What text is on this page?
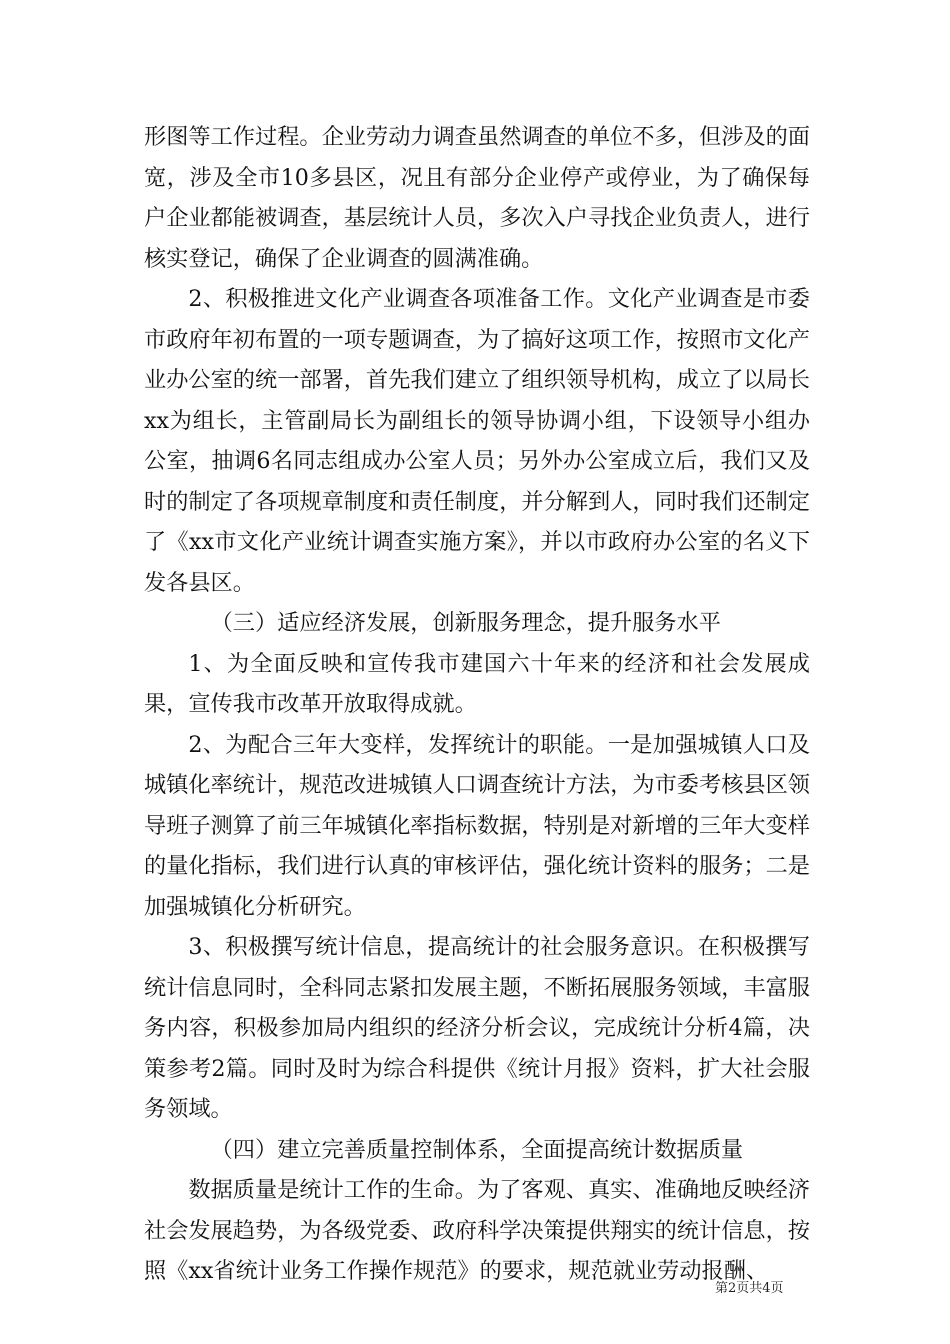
形图等工作过程。企业劳动力调查虽然调查的单位不多，但涉及的面宽，涉及全市10多县区，况且有部分企业停产或停业，为了确保每户企业都能被调查，基层统计人员，多次入户寻找企业负责人，进行核实登记，确保了企业调查的圆满准确。

2、积极推进文化产业调查各项准备工作。文化产业调查是市委市政府年初布置的一项专题调查，为了搞好这项工作，按照市文化产业办公室的统一部署，首先我们建立了组织领导机构，成立了以局长xx为组长，主管副局长为副组长的领导协调小组，下设领导小组办公室，抽调6名同志组成办公室人员；另外办公室成立后，我们又及时的制定了各项规章制度和责任制度，并分解到人，同时我们还制定了《xx市文化产业统计调查实施方案》，并以市政府办公室的名义下发各县区。

（三）适应经济发展，创新服务理念，提升服务水平

1、为全面反映和宣传我市建国六十年来的经济和社会发展成果，宣传我市改革开放取得成就。

2、为配合三年大变样，发挥统计的职能。一是加强城镇人口及城镇化率统计，规范改进城镇人口调查统计方法，为市委考核县区领导班子测算了前三年城镇化率指标数据，特别是对新增的三年大变样的量化指标，我们进行认真的审核评估，强化统计资料的服务；二是加强城镇化分析研究。

3、积极撰写统计信息，提高统计的社会服务意识。在积极撰写统计信息同时，全科同志紧扣发展主题，不断拓展服务领域，丰富服务内容，积极参加局内组织的经济分析会议，完成统计分析4篇，决策参考2篇。同时及时为综合科提供《统计月报》资料，扩大社会服务领域。

（四）建立完善质量控制体系，全面提高统计数据质量

数据质量是统计工作的生命。为了客观、真实、准确地反映经济社会发展趋势，为各级党委、政府科学决策提供翔实的统计信息，按照《xx省统计业务工作操作规范》的要求，规范就业劳动报酬、

第2页共4页
